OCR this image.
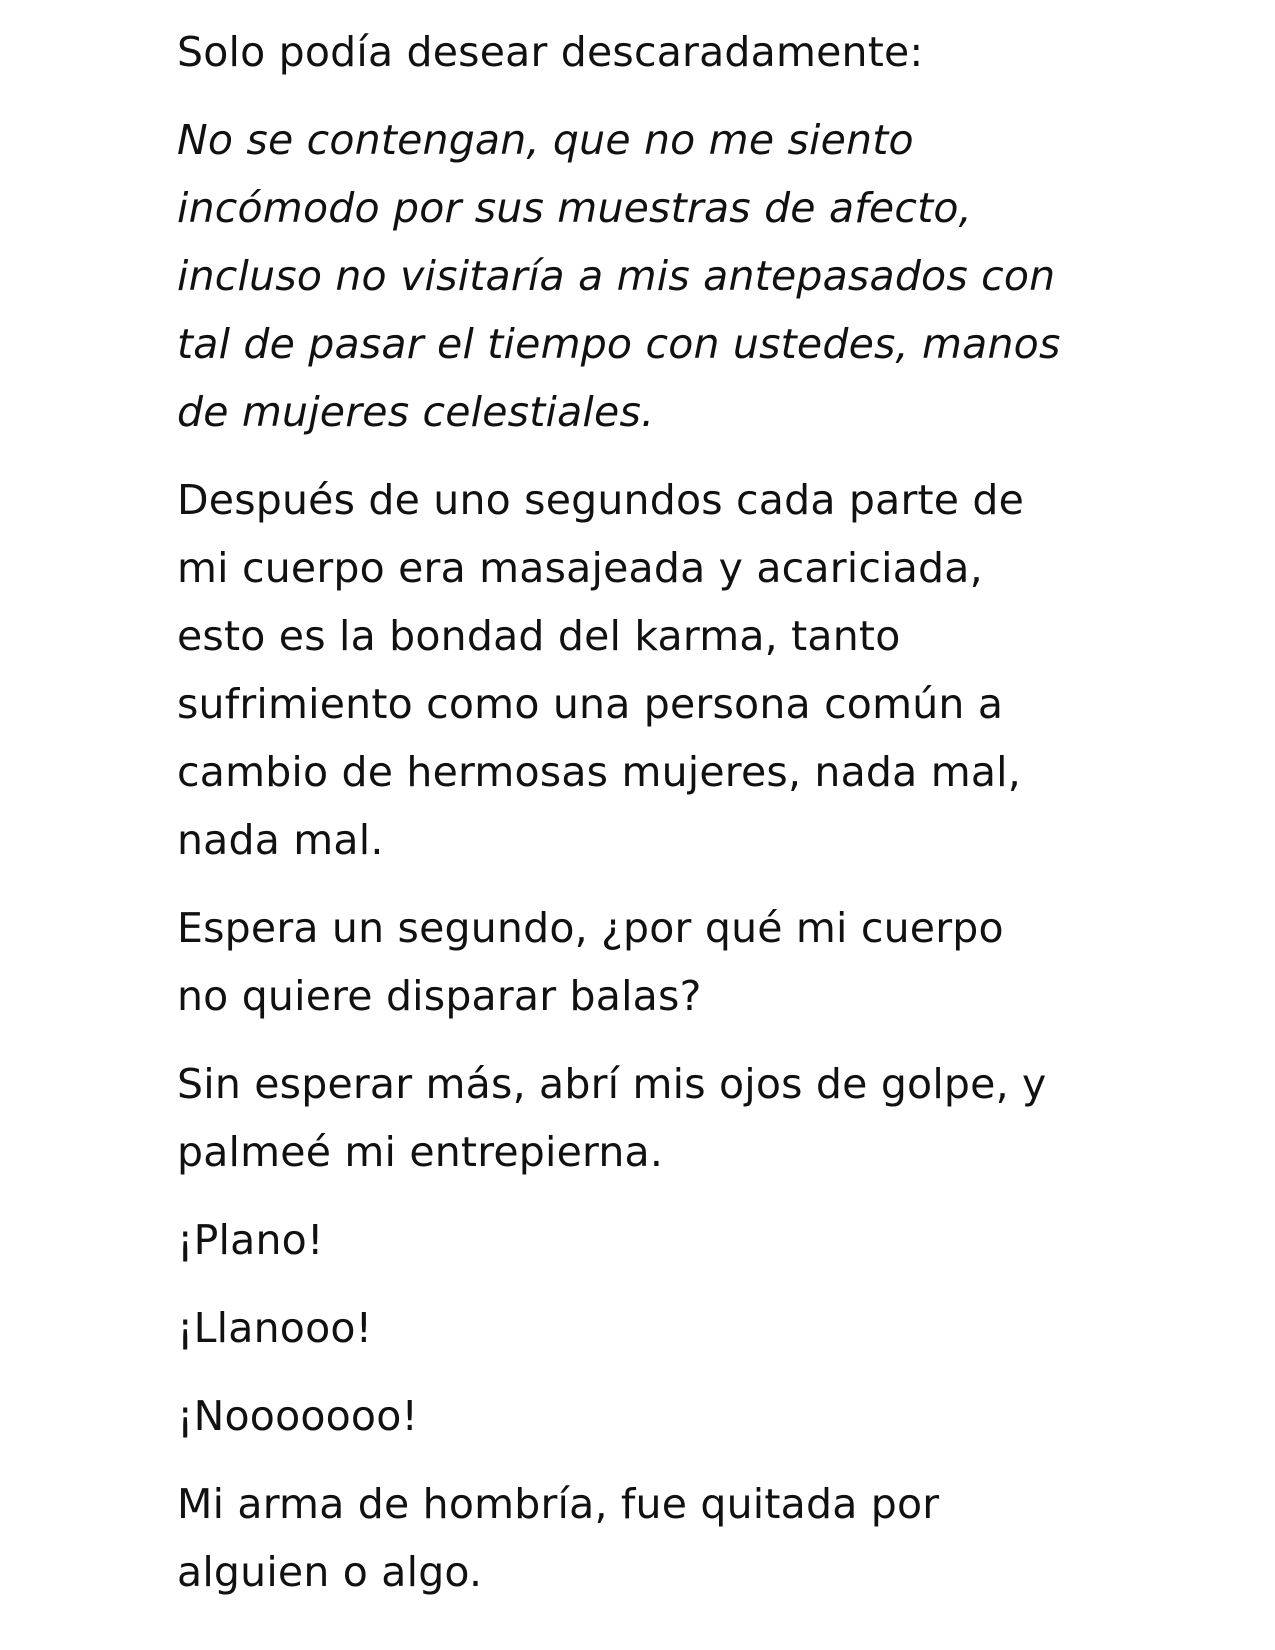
Solo podía desear descaradamente:

No se contengan, que no me siento
incómodo por sus muestras de afecto,
incluso no visitaría a mis antepasados con
tal de pasar el tiempo con ustedes, manos
de mujeres celestiales.

Después de uno segundos cada parte de
mi cuerpo era masajeada y acariciada,
esto es la bondad del karma, tanto
sufrimiento como una persona común a
cambio de hermosas mujeres, nada mal,
nada mal.

Espera un segundo, ¿por qué mi cuerpo
no quiere disparar balas?

Sin esperar más, abrí mis ojos de golpe, y
palmeé mi entrepierna.

¡Plano!

¡Llanooo!

¡Nooooooo!

Mi arma de hombría, fue quitada por
alguien o algo.
